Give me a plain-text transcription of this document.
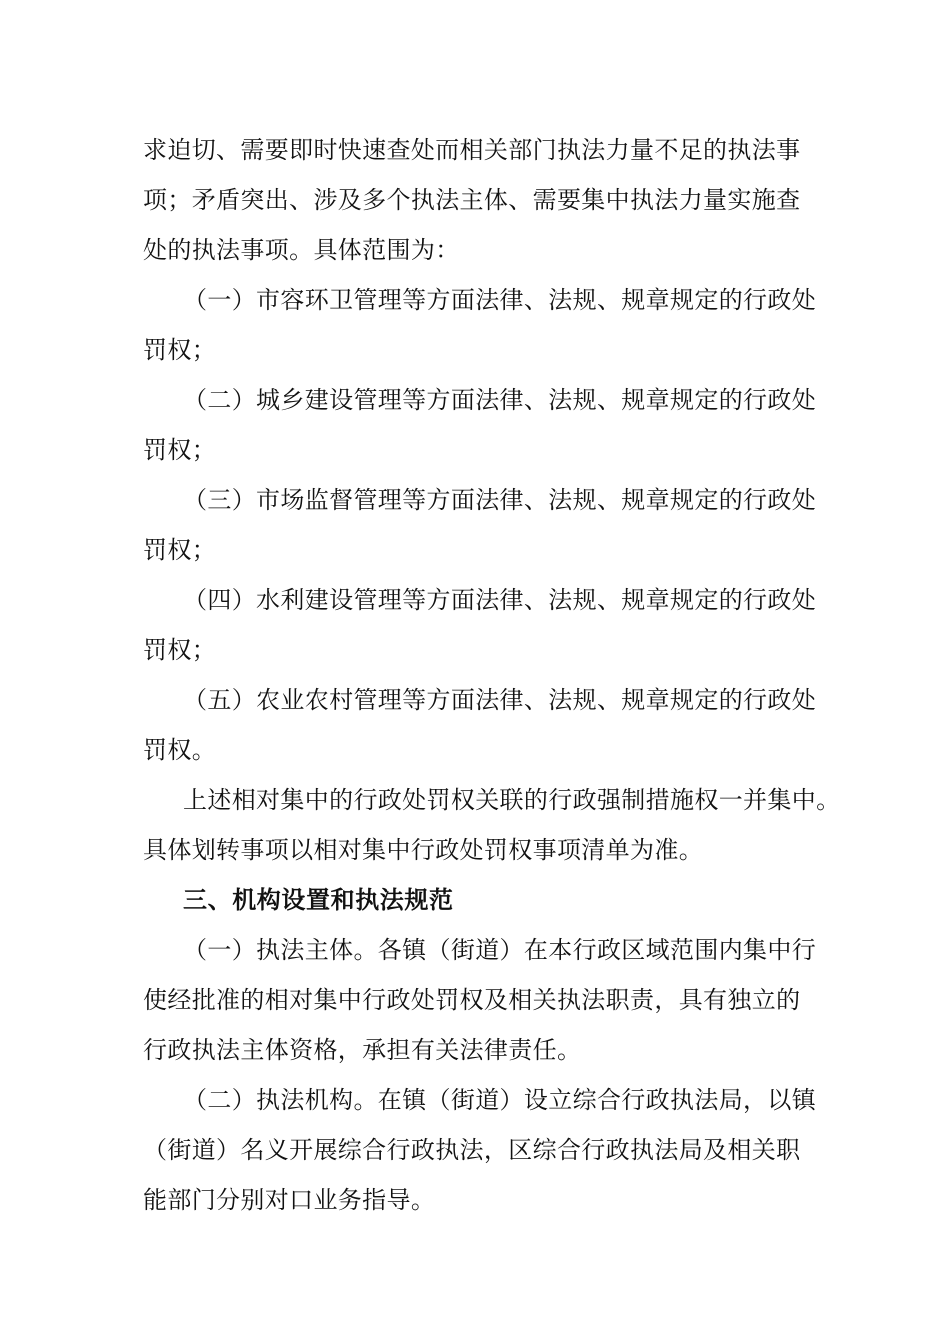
求迫切、需要即时快速查处而相关部门执法力量不足的执法事
项；矛盾突出、涉及多个执法主体、需要集中执法力量实施查
处的执法事项。具体范围为：
（一）市容环卫管理等方面法律、法规、规章规定的行政处
罚权；
（二）城乡建设管理等方面法律、法规、规章规定的行政处
罚权；
（三）市场监督管理等方面法律、法规、规章规定的行政处
罚权；
（四）水利建设管理等方面法律、法规、规章规定的行政处
罚权；
（五）农业农村管理等方面法律、法规、规章规定的行政处
罚权。
上述相对集中的行政处罚权关联的行政强制措施权一并集中。
具体划转事项以相对集中行政处罚权事项清单为准。
三、机构设置和执法规范
（一）执法主体。各镇（街道）在本行政区域范围内集中行
使经批准的相对集中行政处罚权及相关执法职责，具有独立的
行政执法主体资格，承担有关法律责任。
（二）执法机构。在镇（街道）设立综合行政执法局，以镇
（街道）名义开展综合行政执法，区综合行政执法局及相关职
能部门分别对口业务指导。
